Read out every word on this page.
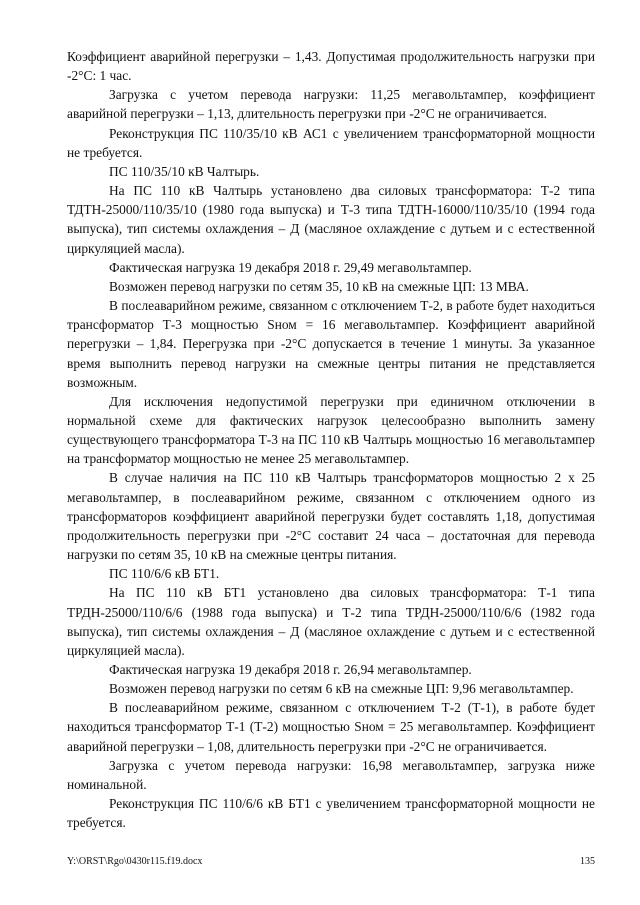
Коэффициент аварийной перегрузки – 1,43. Допустимая продолжительность нагрузки при -2°С: 1 час.

Загрузка с учетом перевода нагрузки: 11,25 мегавольтампер, коэффициент аварийной перегрузки – 1,13, длительность перегрузки при -2°С не ограничивается.

Реконструкция ПС 110/35/10 кВ АС1 с увеличением трансформаторной мощности не требуется.

ПС 110/35/10 кВ Чалтырь.

На ПС 110 кВ Чалтырь установлено два силовых трансформатора: Т-2 типа ТДТН-25000/110/35/10 (1980 года выпуска) и Т-3 типа ТДТН-16000/110/35/10 (1994 года выпуска), тип системы охлаждения – Д (масляное охлаждение с дутьем и с естественной циркуляцией масла).

Фактическая нагрузка 19 декабря 2018 г. 29,49 мегавольтампер.

Возможен перевод нагрузки по сетям 35, 10 кВ на смежные ЦП: 13 МВА.

В послеаварийном режиме, связанном с отключением Т-2, в работе будет находиться трансформатор Т-3 мощностью Sном = 16 мегавольтампер. Коэффициент аварийной перегрузки – 1,84. Перегрузка при -2°С допускается в течение 1 минуты. За указанное время выполнить перевод нагрузки на смежные центры питания не представляется возможным.

Для исключения недопустимой перегрузки при единичном отключении в нормальной схеме для фактических нагрузок целесообразно выполнить замену существующего трансформатора Т-3 на ПС 110 кВ Чалтырь мощностью 16 мегавольтампер на трансформатор мощностью не менее 25 мегавольтампер.

В случае наличия на ПС 110 кВ Чалтырь трансформаторов мощностью 2 х 25 мегавольтампер, в послеаварийном режиме, связанном с отключением одного из трансформаторов коэффициент аварийной перегрузки будет составлять 1,18, допустимая продолжительность перегрузки при -2°С составит 24 часа – достаточная для перевода нагрузки по сетям 35, 10 кВ на смежные центры питания.

ПС 110/6/6 кВ БТ1.

На ПС 110 кВ БТ1 установлено два силовых трансформатора: Т-1 типа ТРДН-25000/110/6/6 (1988 года выпуска) и Т-2 типа ТРДН-25000/110/6/6 (1982 года выпуска), тип системы охлаждения – Д (масляное охлаждение с дутьем и с естественной циркуляцией масла).

Фактическая нагрузка 19 декабря 2018 г. 26,94 мегавольтампер.

Возможен перевод нагрузки по сетям 6 кВ на смежные ЦП: 9,96 мегавольтампер.

В послеаварийном режиме, связанном с отключением Т-2 (Т-1), в работе будет находиться трансформатор Т-1 (Т-2) мощностью Sном = 25 мегавольтампер. Коэффициент аварийной перегрузки – 1,08, длительность перегрузки при -2°С не ограничивается.

Загрузка с учетом перевода нагрузки: 16,98 мегавольтампер, загрузка ниже номинальной.

Реконструкция ПС 110/6/6 кВ БТ1 с увеличением трансформаторной мощности не требуется.

Y:\ORST\Rgo\0430r115.f19.docx	135
